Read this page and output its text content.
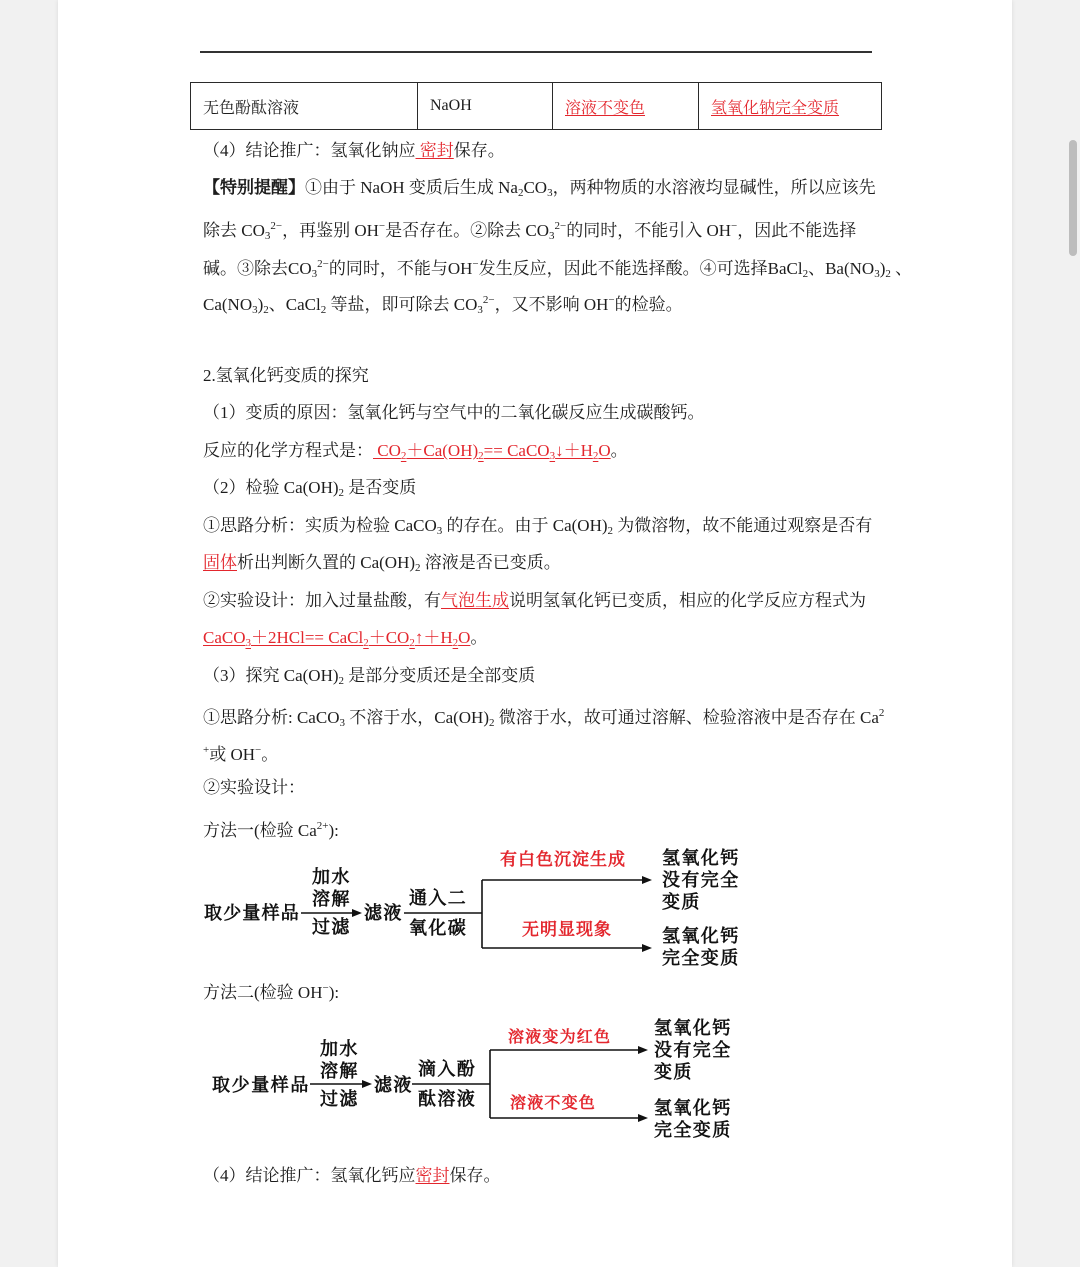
无色酚酞溶液	NaOH	溶液不变色	氢氧化钠完全变质
（4）结论推广：氢氧化钠应 密封保存。
【特别提醒】①由于 NaOH 变质后生成 $Na_2CO_3$，两种物质的水溶液均显碱性，所以应该先
除去 $CO_3^{2-}$，再鉴别 OH−是否存在。②除去 $CO_3^{2-}$的同时，不能引入 OH−，因此不能选择
碱。③除去$CO_3^{2-}$的同时，不能与OH−发生反应，因此不能选择酸。④可选择BaCl$_2$、$Ba(NO_3)_2$ 、
$Ca(NO_3)_2$、CaCl$_2$ 等盐，即可除去 $CO_3^{2-}$，又不影响 OH−的检验。
2.氢氧化钙变质的探究
（1）变质的原因：氢氧化钙与空气中的二氧化碳反应生成碳酸钙。
反应的化学方程式是： $CO_2+Ca(OH)_2==$ $CaCO_3↓+H_2O$。
（2）检验 $Ca(OH)_2$ 是否变质
①思路分析：实质为检验 CaCO$_3$ 的存在。由于 $Ca(OH)_2$ 为微溶物，故不能通过观察是否有
固体析出判断久置的 $Ca(OH)_2$ 溶液是否已变质。
②实验设计：加入过量盐酸，有气泡生成说明氢氧化钙已变质，相应的化学反应方程式为
CaCO$_3$＋2HCl== $CaCl_2+CO_2↑+H_2O$。
（3）探究 $Ca(OH)_2$ 是部分变质还是全部变质
①思路分析: CaCO$_3$ 不溶于水，$Ca(OH)_2$ 微溶于水，故可通过溶解、检验溶液中是否存在 Ca$^2$
+或 OH−。
②实验设计：
方法一(检验 $Ca^{2+}$):
取少量样品
加水
溶解
过滤
滤液
通入二
氧化碳
有白色沉淀生成
无明显现象
氢氧化钙
没有完全
变质
氢氧化钙
完全变质
方法二(检验 OH−):
取少量样品
加水
溶解
过滤
滤液
滴入酚
酞溶液
溶液变为红色
溶液不变色
氢氧化钙
没有完全
变质
氢氧化钙
完全变质
（4）结论推广：氢氧化钙应密封保存。
